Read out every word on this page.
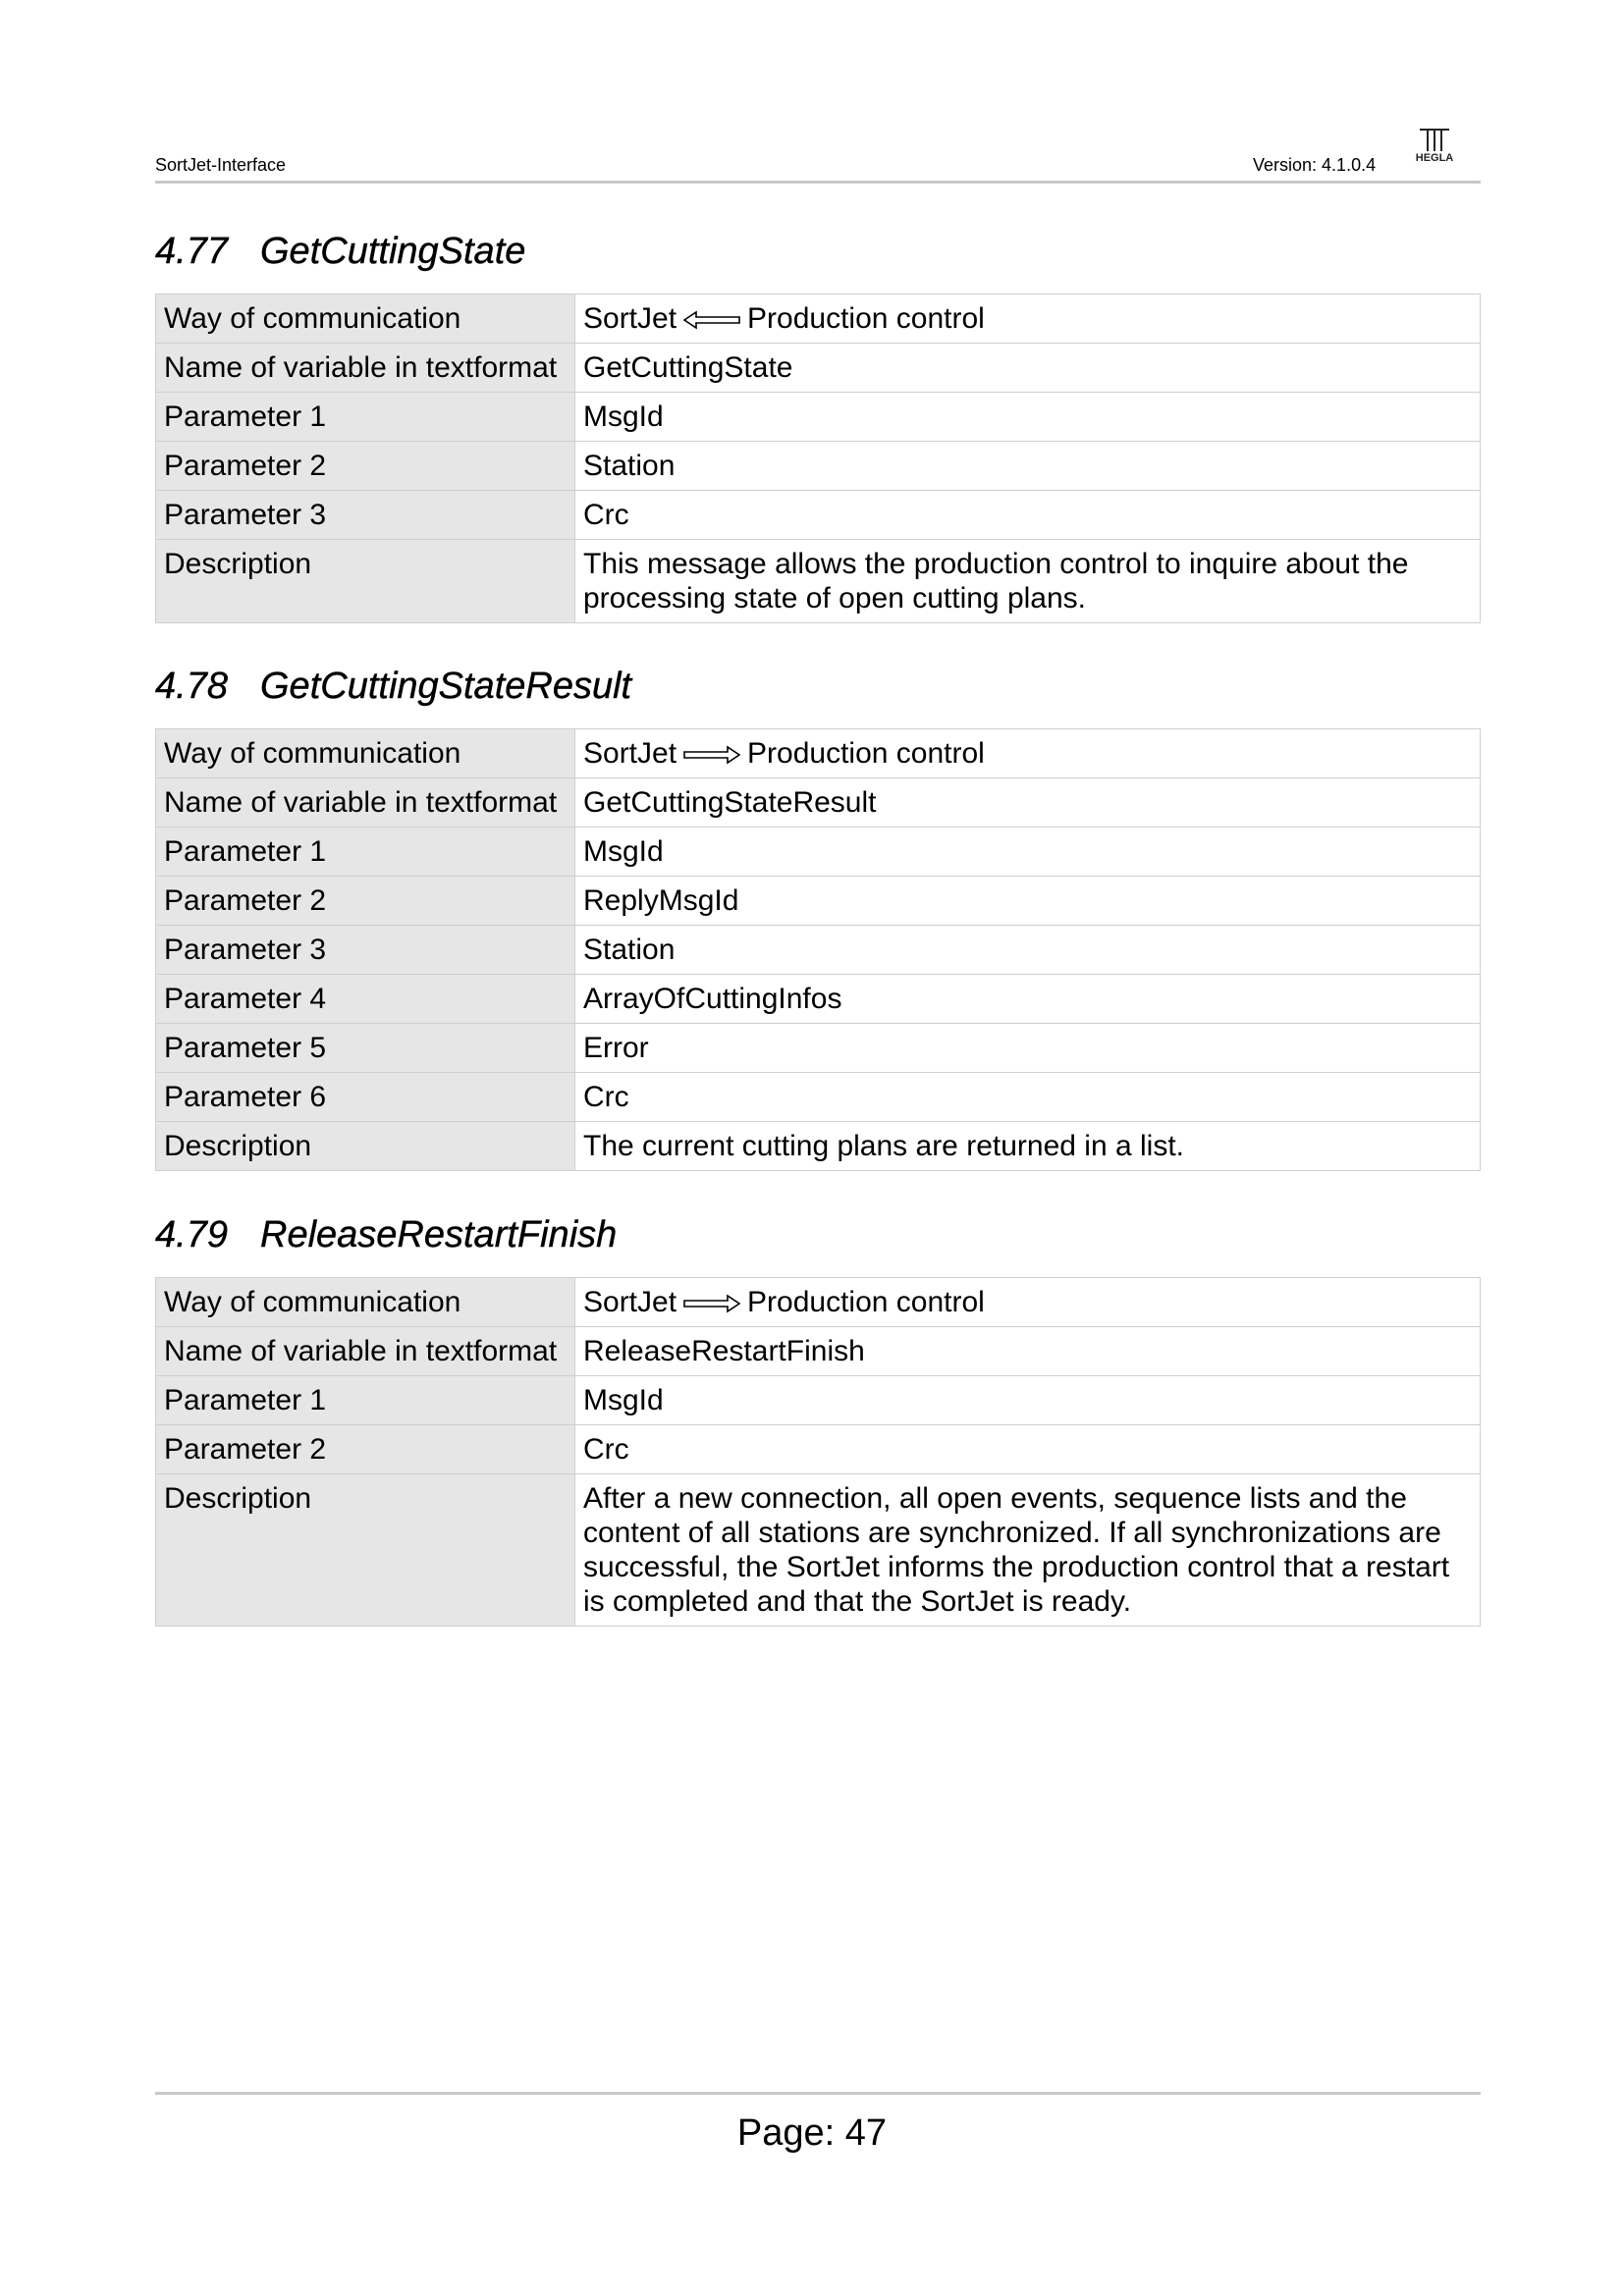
SortJet-Interface	Version: 4.1.0.4	HEGLA
4.77 GetCuttingState
Way of communication	SortJet Production control
Name of variable in textformat	GetCuttingState
Parameter 1	MsgId
Parameter 2	Station
Parameter 3	Crc
Description	This message allows the production control to inquire about the processing state of open cutting plans.
4.78 GetCuttingStateResult
Way of communication	SortJet Production control
Name of variable in textformat	GetCuttingStateResult
Parameter 1	MsgId
Parameter 2	ReplyMsgId
Parameter 3	Station
Parameter 4	ArrayOfCuttingInfos
Parameter 5	Error
Parameter 6	Crc
Description	The current cutting plans are returned in a list.
4.79 ReleaseRestartFinish
Way of communication	SortJet Production control
Name of variable in textformat	ReleaseRestartFinish
Parameter 1	MsgId
Parameter 2	Crc
Description	After a new connection, all open events, sequence lists and the content of all stations are synchronized. If all synchronizations are successful, the SortJet informs the production control that a restart is completed and that the SortJet is ready.
Page: 47
